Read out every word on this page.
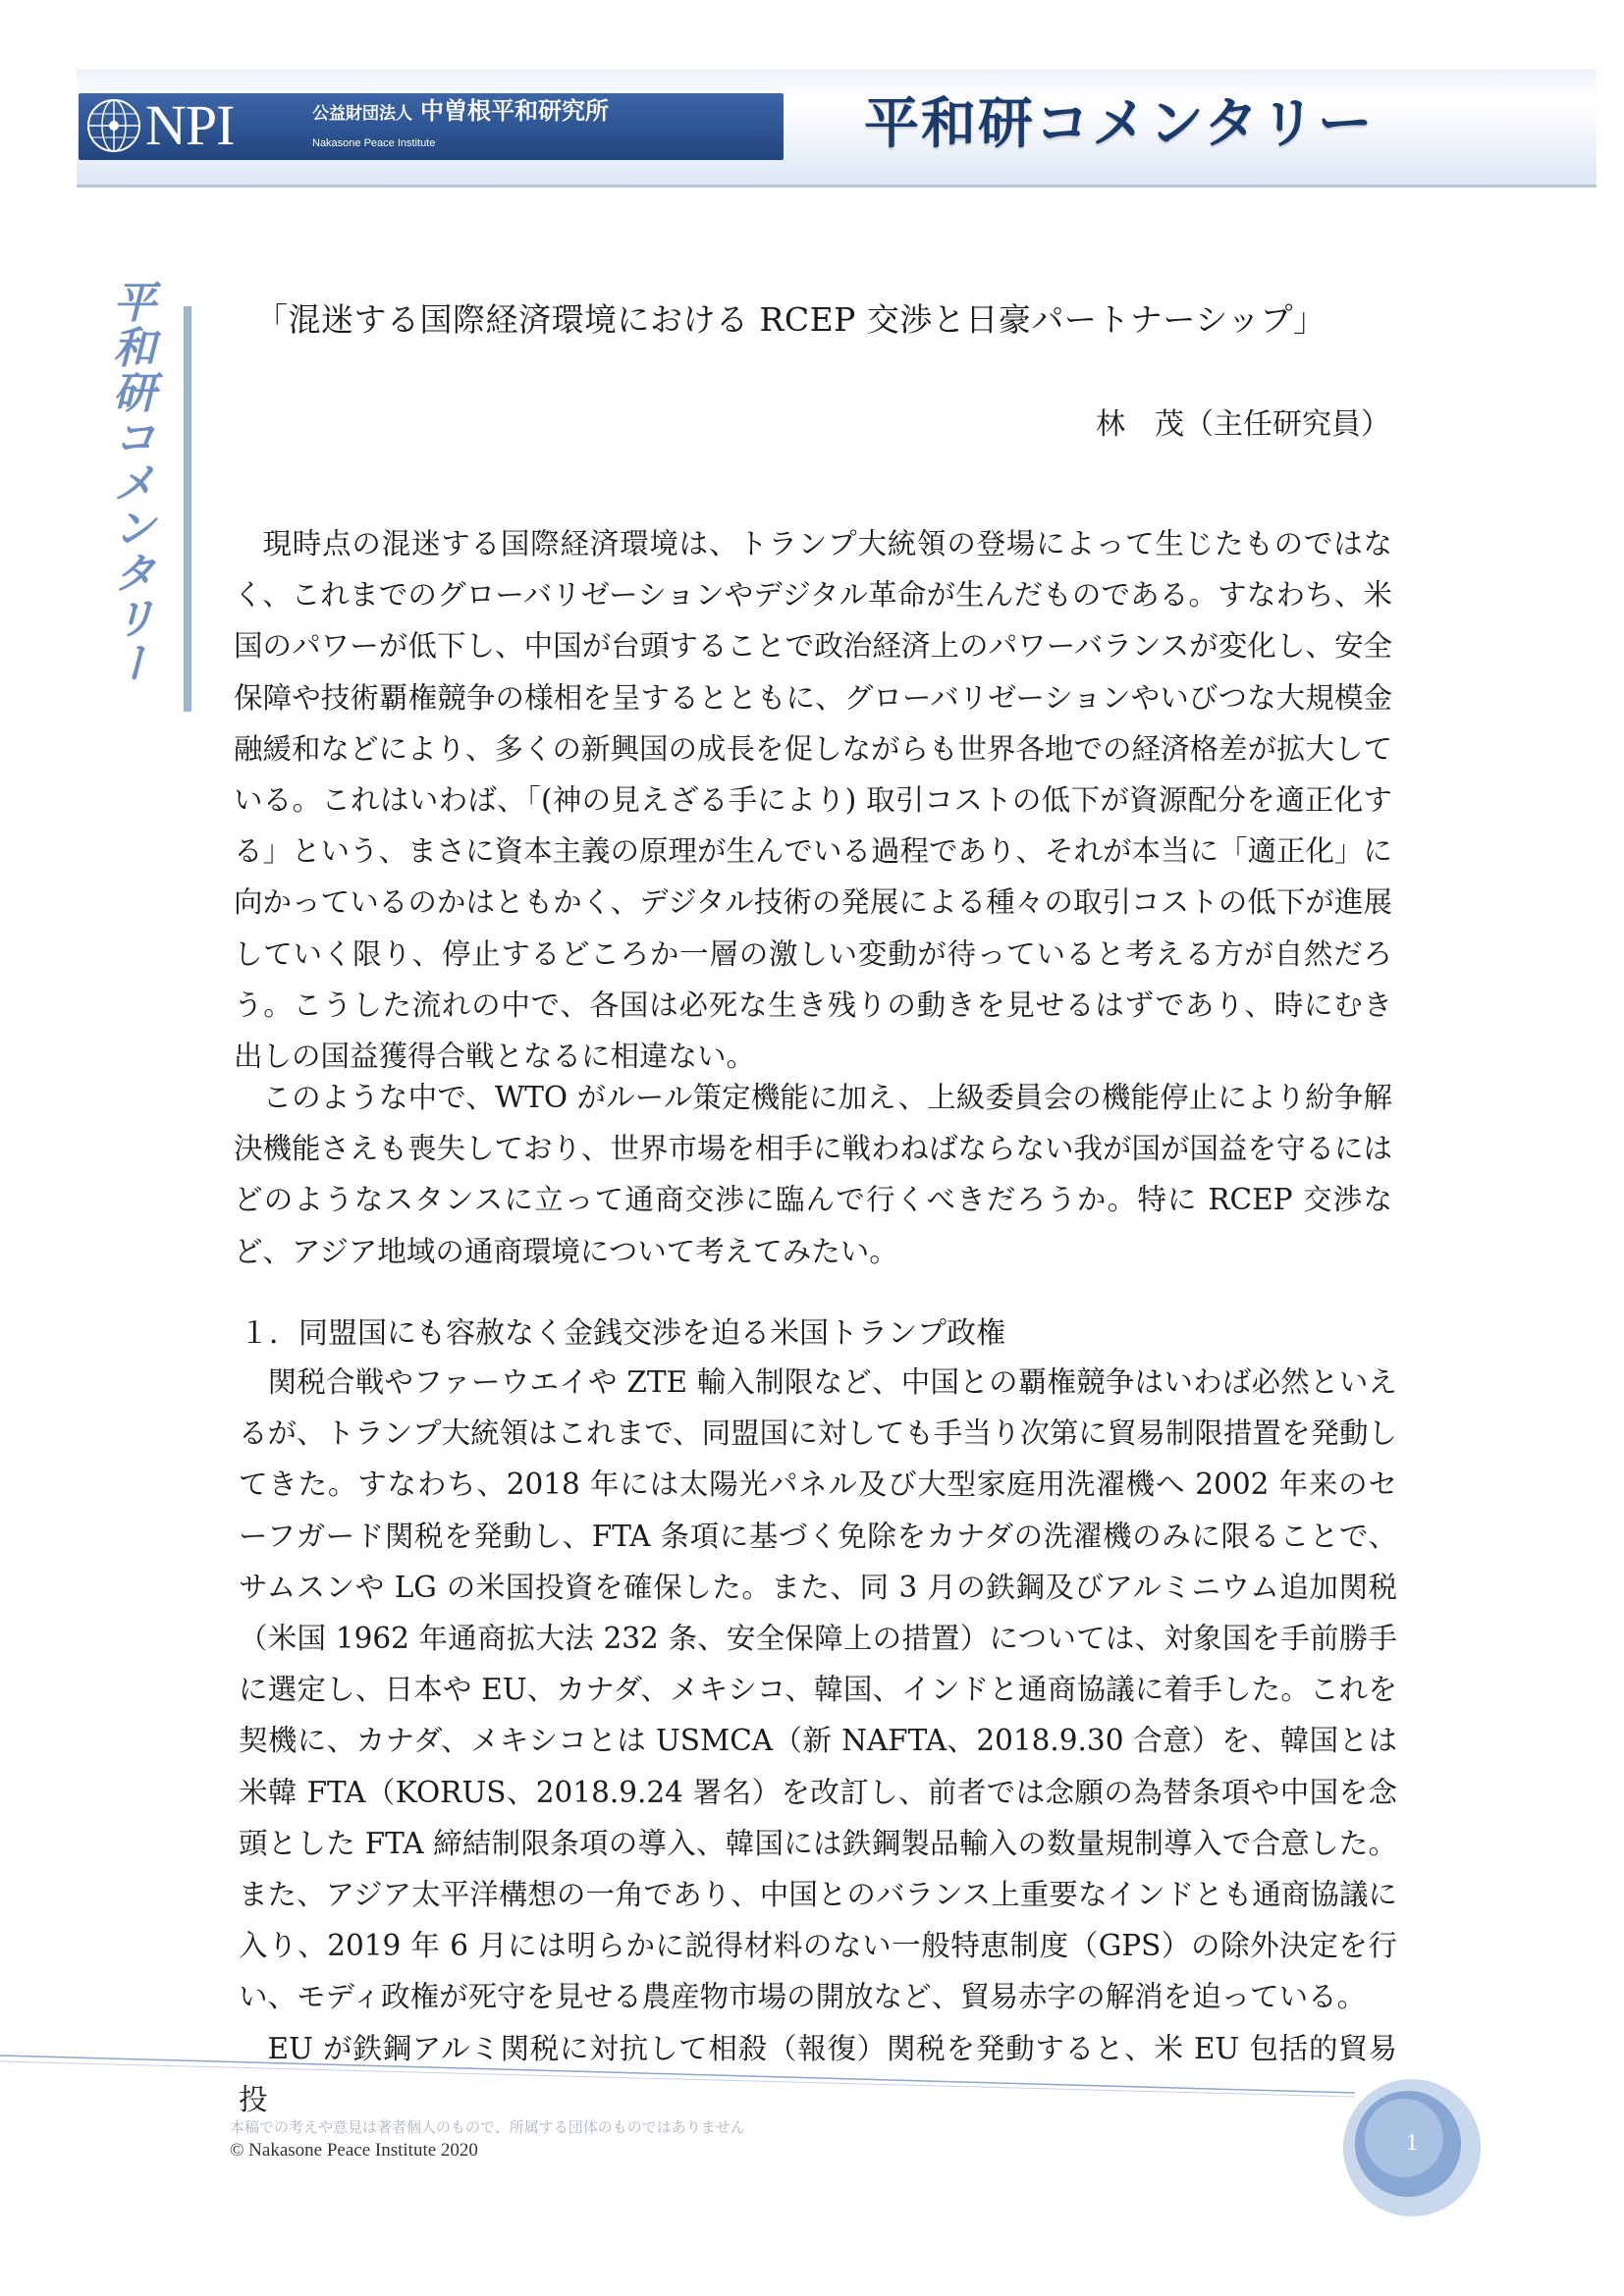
NPI	公益財団法人 中曽根平和研究所
Nakasone Peace Institute	平和研コメンタリー
平和研コメンタリー	「混迷する国際経済環境における RCEP 交渉と日豪パートナーシップ」
林　茂（主任研究員）

現時点の混迷する国際経済環境は、トランプ大統領の登場によって生じたものではなく、これまでのグローバリゼーションやデジタル革命が生んだものである。すなわち、米国のパワーが低下し、中国が台頭することで政治経済上のパワーバランスが変化し、安全保障や技術覇権競争の様相を呈するとともに、グローバリゼーションやいびつな大規模金融緩和などにより、多くの新興国の成長を促しながらも世界各地での経済格差が拡大している。これはいわば、「(神の見えざる手により) 取引コストの低下が資源配分を適正化する」という、まさに資本主義の原理が生んでいる過程であり、それが本当に「適正化」に向かっているのかはともかく、デジタル技術の発展による種々の取引コストの低下が進展していく限り、停止するどころか一層の激しい変動が待っていると考える方が自然だろう。こうした流れの中で、各国は必死な生き残りの動きを見せるはずであり、時にむき出しの国益獲得合戦となるに相違ない。

このような中で、WTO がルール策定機能に加え、上級委員会の機能停止により紛争解決機能さえも喪失しており、世界市場を相手に戦わねばならない我が国が国益を守るにはどのようなスタンスに立って通商交渉に臨んで行くべきだろうか。特に RCEP 交渉など、アジア地域の通商環境について考えてみたい。

１．同盟国にも容赦なく金銭交渉を迫る米国トランプ政権

関税合戦やファーウエイや ZTE 輸入制限など、中国との覇権競争はいわば必然といえるが、トランプ大統領はこれまで、同盟国に対しても手当り次第に貿易制限措置を発動してきた。すなわち、2018 年には太陽光パネル及び大型家庭用洗濯機へ 2002 年来のセーフガード関税を発動し、FTA 条項に基づく免除をカナダの洗濯機のみに限ることで、サムスンや LG の米国投資を確保した。また、同 3 月の鉄鋼及びアルミニウム追加関税（米国 1962 年通商拡大法 232 条、安全保障上の措置）については、対象国を手前勝手に選定し、日本や EU、カナダ、メキシコ、韓国、インドと通商協議に着手した。これを契機に、カナダ、メキシコとは USMCA（新 NAFTA、2018.9.30 合意）を、韓国とは米韓 FTA（KORUS、2018.9.24 署名）を改訂し、前者では念願の為替条項や中国を念頭とした FTA 締結制限条項の導入、韓国には鉄鋼製品輸入の数量規制導入で合意した。また、アジア太平洋構想の一角であり、中国とのバランス上重要なインドとも通商協議に入り、2019 年 6 月には明らかに説得材料のない一般特恵制度（GPS）の除外決定を行い、モディ政権が死守を見せる農産物市場の開放など、貿易赤字の解消を迫っている。

EU が鉄鋼アルミ関税に対抗して相殺（報復）関税を発動すると、米 EU 包括的貿易投

本稿での考えや意見は著者個人のもので、所属する団体のものではありません
© Nakasone Peace Institute 2020	1
